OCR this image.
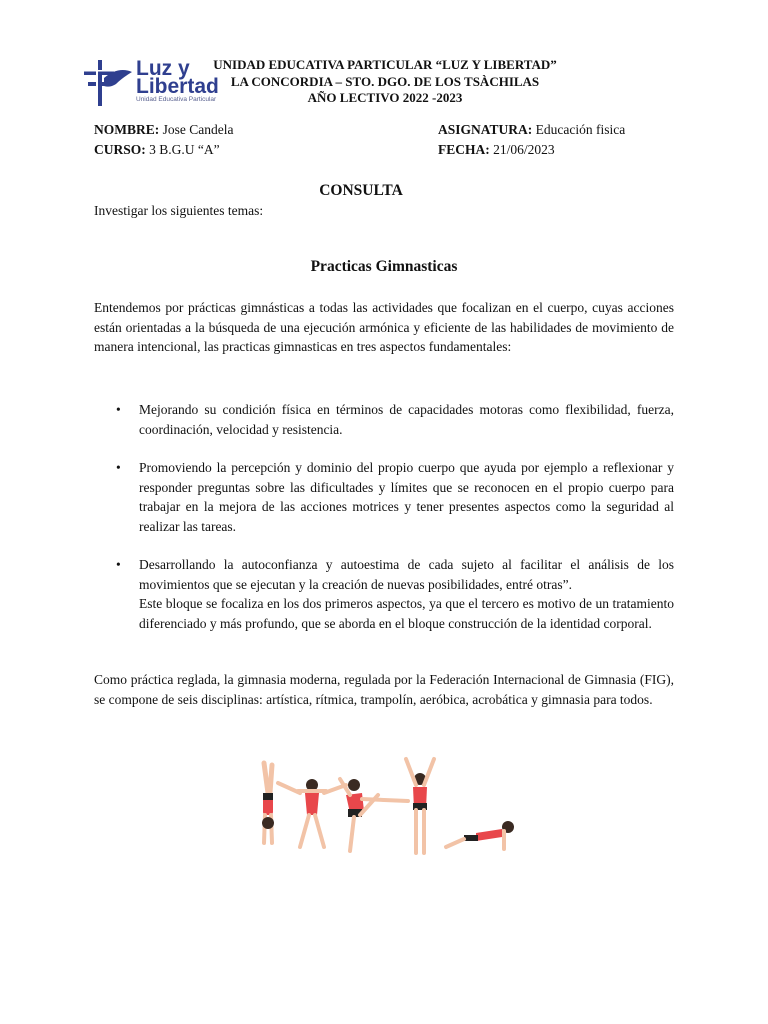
Luz y
Libertad
Unidad Educativa Particular
UNIDAD EDUCATIVA PARTICULAR “LUZ Y LIBERTAD”
LA CONCORDIA – STO. DGO. DE LOS TSÀCHILAS
AÑO LECTIVO 2022 -2023
NOMBRE: Jose Candela
CURSO: 3 B.G.U “A”
ASIGNATURA: Educación fisica
FECHA: 21/06/2023
CONSULTA
Investigar los siguientes temas:
Practicas Gimnasticas
Entendemos por prácticas gimnásticas a todas las actividades que focalizan en el cuerpo, cuyas acciones están orientadas a la búsqueda de una ejecución armónica y eficiente de las habilidades de movimiento de manera intencional, las practicas gimnasticas en tres aspectos fundamentales:
• Mejorando su condición física en términos de capacidades motoras como flexibilidad, fuerza, coordinación, velocidad y resistencia.
• Promoviendo la percepción y dominio del propio cuerpo que ayuda por ejemplo a reflexionar y responder preguntas sobre las dificultades y límites que se reconocen en el propio cuerpo para trabajar en la mejora de las acciones motrices y tener presentes aspectos como la seguridad al realizar las tareas.
• Desarrollando la autoconfianza y autoestima de cada sujeto al facilitar el análisis de los movimientos que se ejecutan y la creación de nuevas posibilidades, entré otras”.
Este bloque se focaliza en los dos primeros aspectos, ya que el tercero es motivo de un tratamiento diferenciado y más profundo, que se aborda en el bloque construcción de la identidad corporal.
Como práctica reglada, la gimnasia moderna, regulada por la Federación Internacional de Gimnasia (FIG), se compone de seis disciplinas: artística, rítmica, trampolín, aeróbica, acrobática y gimnasia para todos.
